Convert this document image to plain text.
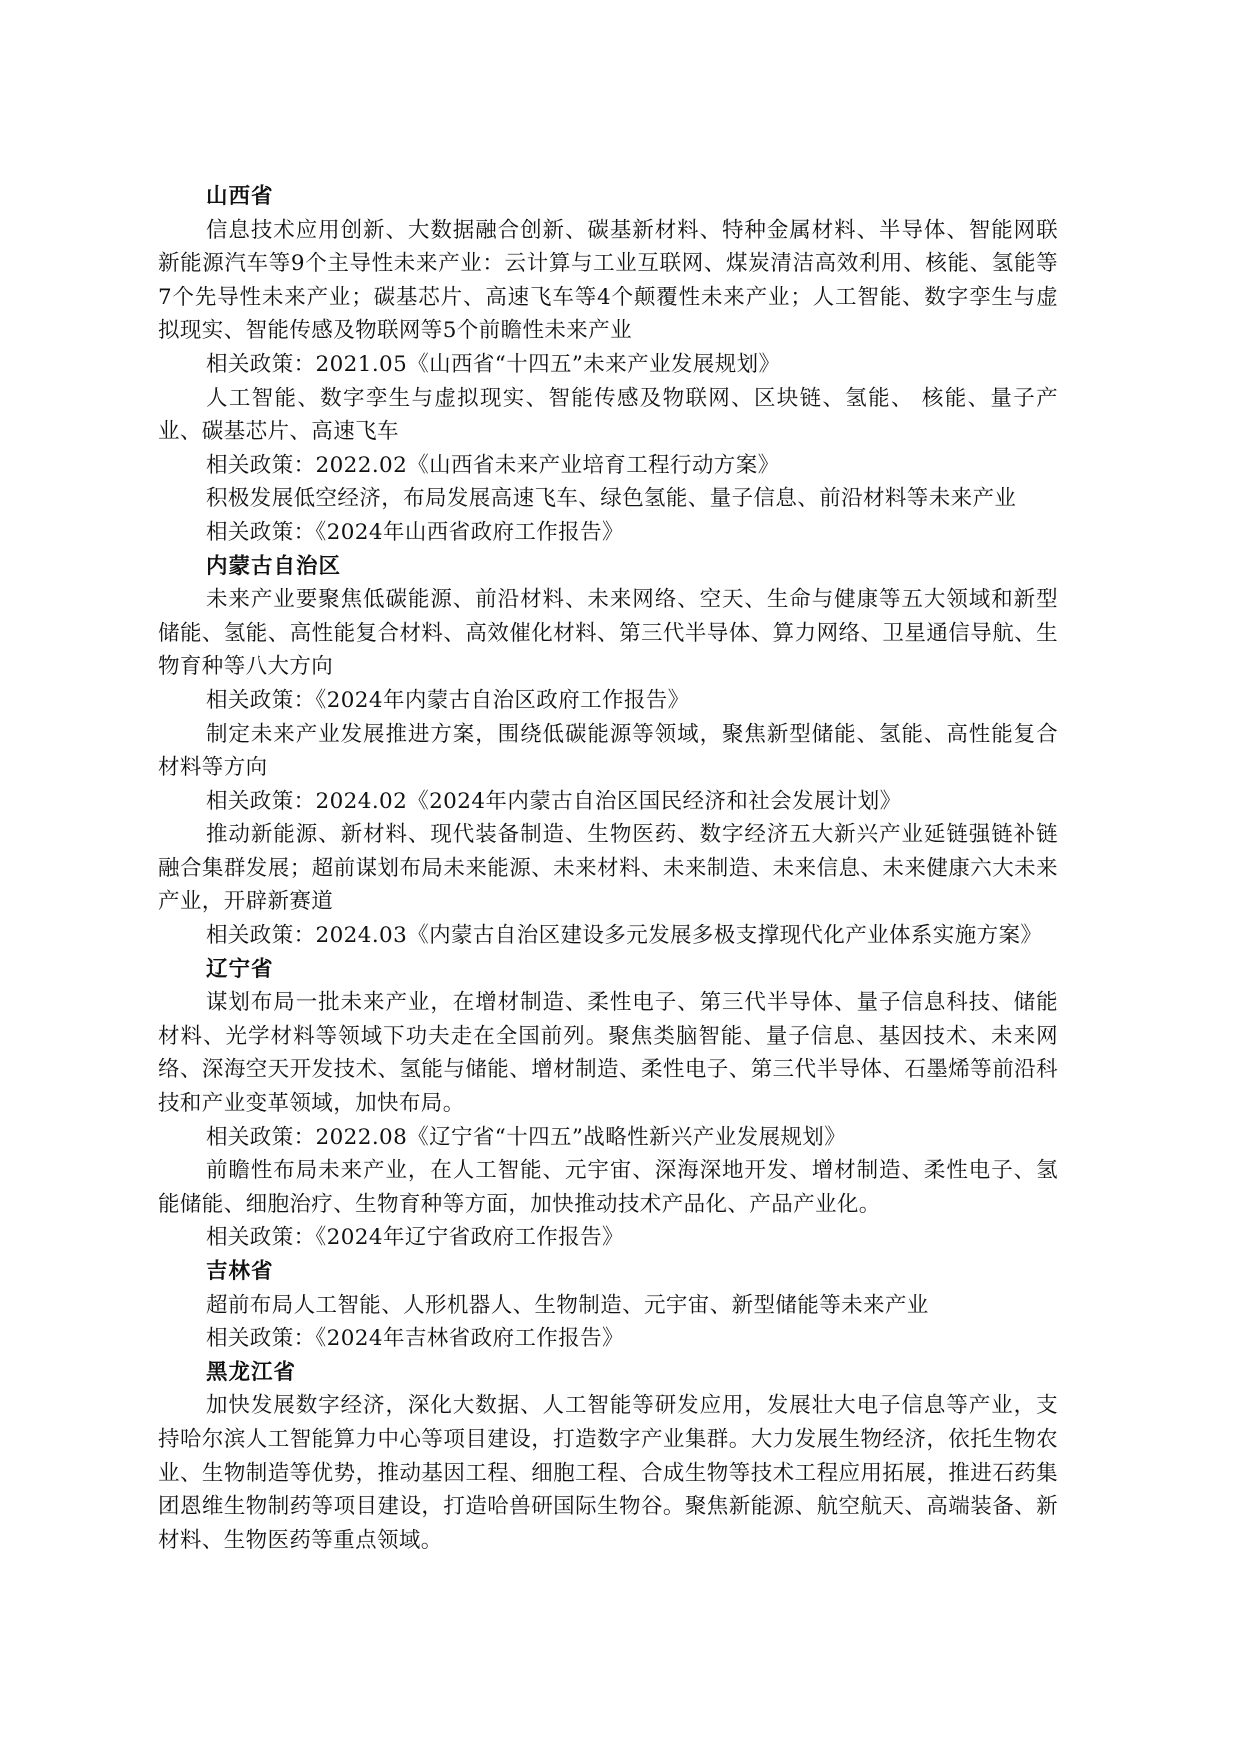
山西省

信息技术应用创新、大数据融合创新、碳基新材料、特种金属材料、半导体、智能网联新能源汽车等9个主导性未来产业：云计算与工业互联网、煤炭清洁高效利用、核能、氢能等7个先导性未来产业；碳基芯片、高速飞车等4个颠覆性未来产业；人工智能、数字孪生与虚拟现实、智能传感及物联网等5个前瞻性未来产业

相关政策：2021.05《山西省“十四五”未来产业发展规划》

人工智能、数字孪生与虚拟现实、智能传感及物联网、区块链、氢能、 核能、量子产业、碳基芯片、高速飞车

相关政策：2022.02《山西省未来产业培育工程行动方案》

积极发展低空经济，布局发展高速飞车、绿色氢能、量子信息、前沿材料等未来产业

相关政策：《2024年山西省政府工作报告》

内蒙古自治区

未来产业要聚焦低碳能源、前沿材料、未来网络、空天、生命与健康等五大领域和新型储能、氢能、高性能复合材料、高效催化材料、第三代半导体、算力网络、卫星通信导航、生物育种等八大方向

相关政策：《2024年内蒙古自治区政府工作报告》

制定未来产业发展推进方案，围绕低碳能源等领域，聚焦新型储能、氢能、高性能复合材料等方向

相关政策：2024.02《2024年内蒙古自治区国民经济和社会发展计划》

推动新能源、新材料、现代装备制造、生物医药、数字经济五大新兴产业延链强链补链融合集群发展；超前谋划布局未来能源、未来材料、未来制造、未来信息、未来健康六大未来产业，开辟新赛道

相关政策：2024.03《内蒙古自治区建设多元发展多极支撑现代化产业体系实施方案》

辽宁省

谋划布局一批未来产业，在增材制造、柔性电子、第三代半导体、量子信息科技、储能材料、光学材料等领域下功夫走在全国前列。聚焦类脑智能、量子信息、基因技术、未来网络、深海空天开发技术、氢能与储能、增材制造、柔性电子、第三代半导体、石墨烯等前沿科技和产业变革领域，加快布局。

相关政策：2022.08《辽宁省“十四五”战略性新兴产业发展规划》

前瞻性布局未来产业，在人工智能、元宇宙、深海深地开发、增材制造、柔性电子、氢能储能、细胞治疗、生物育种等方面，加快推动技术产品化、产品产业化。

相关政策：《2024年辽宁省政府工作报告》

吉林省

超前布局人工智能、人形机器人、生物制造、元宇宙、新型储能等未来产业

相关政策：《2024年吉林省政府工作报告》

黑龙江省

加快发展数字经济，深化大数据、人工智能等研发应用，发展壮大电子信息等产业，支持哈尔滨人工智能算力中心等项目建设，打造数字产业集群。大力发展生物经济，依托生物农业、生物制造等优势，推动基因工程、细胞工程、合成生物等技术工程应用拓展，推进石药集团恩维生物制药等项目建设，打造哈兽研国际生物谷。聚焦新能源、航空航天、高端装备、新材料、生物医药等重点领域。
